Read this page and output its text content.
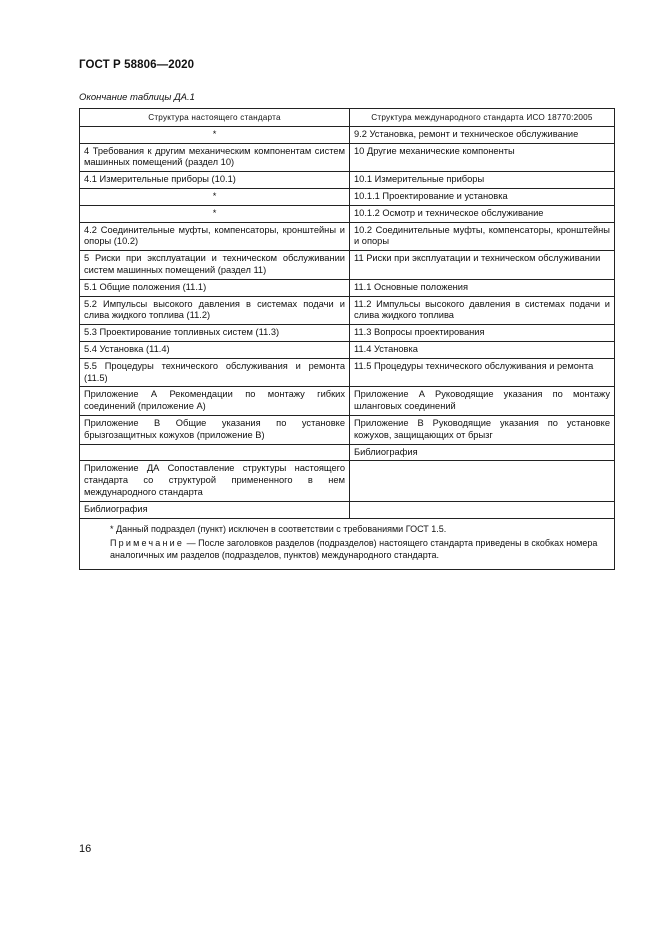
ГОСТ Р 58806—2020
Окончание таблицы ДА.1
Структура настоящего стандарта	Структура международного стандарта ИСО 18770:2005
*	9.2 Установка, ремонт и техническое обслуживание
4 Требования к другим механическим компонентам систем машинных помещений (раздел 10)	10 Другие механические компоненты
4.1 Измерительные приборы (10.1)	10.1 Измерительные приборы
*	10.1.1 Проектирование и установка
*	10.1.2 Осмотр и техническое обслуживание
4.2 Соединительные муфты, компенсаторы, кронштейны и опоры (10.2)	10.2 Соединительные муфты, компенсаторы, кронштейны и опоры
5 Риски при эксплуатации и техническом обслуживании систем машинных помещений (раздел 11)	11 Риски при эксплуатации и техническом обслуживании
5.1 Общие положения (11.1)	11.1 Основные положения
5.2 Импульсы высокого давления в системах подачи и слива жидкого топлива (11.2)	11.2 Импульсы высокого давления в системах подачи и слива жидкого топлива
5.3 Проектирование топливных систем (11.3)	11.3 Вопросы проектирования
5.4 Установка (11.4)	11.4 Установка
5.5 Процедуры технического обслуживания и ремонта (11.5)	11.5 Процедуры технического обслуживания и ремонта
Приложение А Рекомендации по монтажу гибких соединений (приложение А)	Приложение А Руководящие указания по монтажу шланговых соединений
Приложение В Общие указания по установке брызгозащитных кожухов (приложение В)	Приложение В Руководящие указания по установке кожухов, защищающих от брызг
	Библиография
Приложение ДА Сопоставление структуры настоящего стандарта со структурой примененного в нем международного стандарта	
Библиография	

* Данный подраздел (пункт) исключен в соответствии с требованиями ГОСТ 1.5.
Примечание — После заголовков разделов (подразделов) настоящего стандарта приведены в скобках номера аналогичных им разделов (подразделов, пунктов) международного стандарта.	
16
